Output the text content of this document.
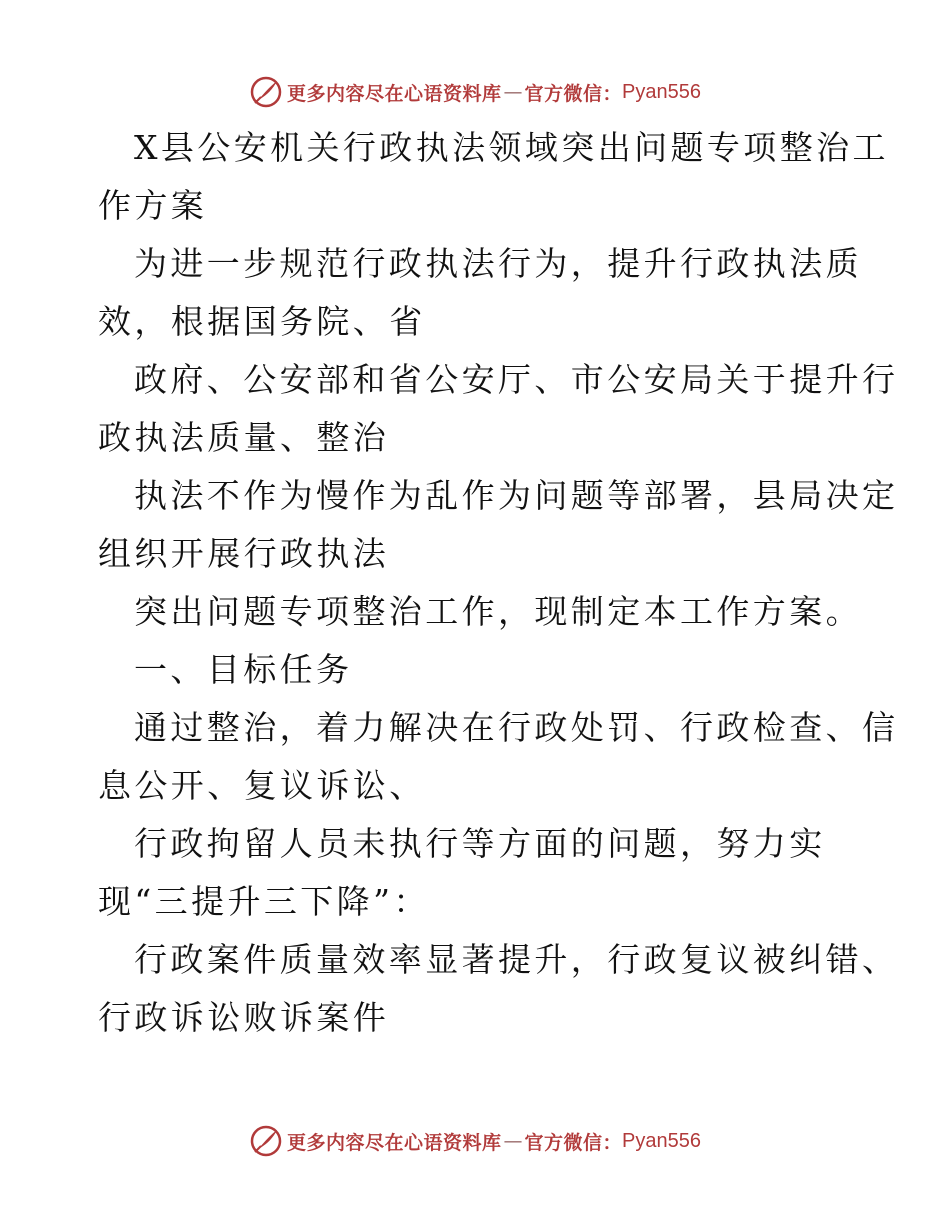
更多内容尽在心语资料库 — 官方微信： Pyan556
X县公安机关行政执法领域突出问题专项整治工
作方案
为进一步规范行政执法行为，提升行政执法质
效，根据国务院、省
政府、公安部和省公安厅、市公安局关于提升行
政执法质量、整治
执法不作为慢作为乱作为问题等部署，县局决定
组织开展行政执法
突出问题专项整治工作，现制定本工作方案。
一、目标任务
通过整治，着力解决在行政处罚、行政检查、信
息公开、复议诉讼、
行政拘留人员未执行等方面的问题，努力实
现“三提升三下降”：
行政案件质量效率显著提升，行政复议被纠错、
行政诉讼败诉案件
更多内容尽在心语资料库 — 官方微信： Pyan556
